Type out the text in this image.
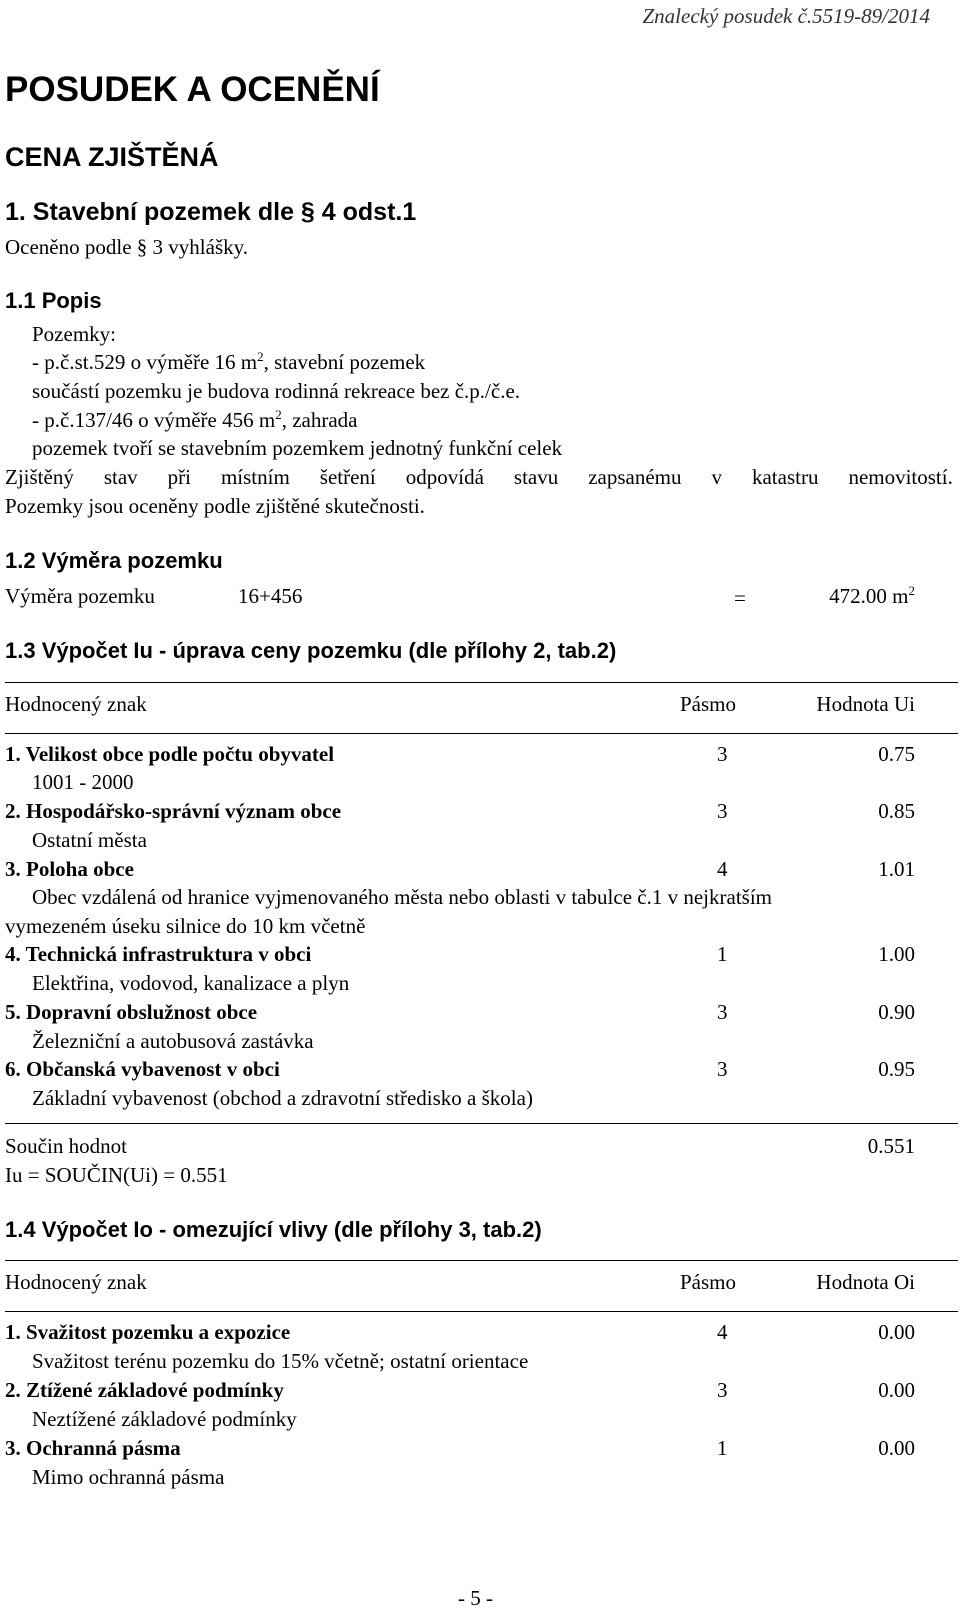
Znalecký posudek č.5519-89/2014
POSUDEK A OCENĚNÍ
CENA ZJIŠTĚNÁ
1. Stavební pozemek dle § 4 odst.1
Oceněno podle § 3 vyhlášky.
1.1 Popis
Pozemky:
- p.č.st.529 o výměře 16 $m^2$, stavební pozemek
součástí pozemku je budova rodinná rekreace bez č.p./č.e.
- p.č.137/46 o výměře 456 $m^2$, zahrada
pozemek tvoří se stavebním pozemkem jednotný funkční celek
Zjištěný stav při místním šetření odpovídá stavu zapsanému v katastru nemovitostí.
Pozemky jsou oceněny podle zjištěné skutečnosti.
1.2 Výměra pozemku
Výměra pozemku	16+456	=	472.00 $m^2$
1.3 Výpočet Iu - úprava ceny pozemku (dle přílohy 2, tab.2)
Hodnocený znak	Pásmo	Hodnota Ui
1. Velikost obce podle počtu obyvatel	3	0.75
1001 - 2000
2. Hospodářsko-správní význam obce	3	0.85
Ostatní města
3. Poloha obce	4	1.01
Obec vzdálená od hranice vyjmenovaného města nebo oblasti v tabulce č.1 v nejkratším
vymezeném úseku silnice do 10 km včetně
4. Technická infrastruktura v obci	1	1.00
Elektřina, vodovod, kanalizace a plyn
5. Dopravní obslužnost obce	3	0.90
Železniční a autobusová zastávka
6. Občanská vybavenost v obci	3	0.95
Základní vybavenost (obchod a zdravotní středisko a škola)
Součin hodnot	0.551
Iu = SOUČIN(Ui) = 0.551
1.4 Výpočet Io - omezující vlivy (dle přílohy 3, tab.2)
Hodnocený znak	Pásmo	Hodnota Oi
1. Svažitost pozemku a expozice	4	0.00
Svažitost terénu pozemku do 15% včetně; ostatní orientace
2. Ztížené základové podmínky	3	0.00
Neztížené základové podmínky
3. Ochranná pásma	1	0.00
Mimo ochranná pásma
- 5 -
